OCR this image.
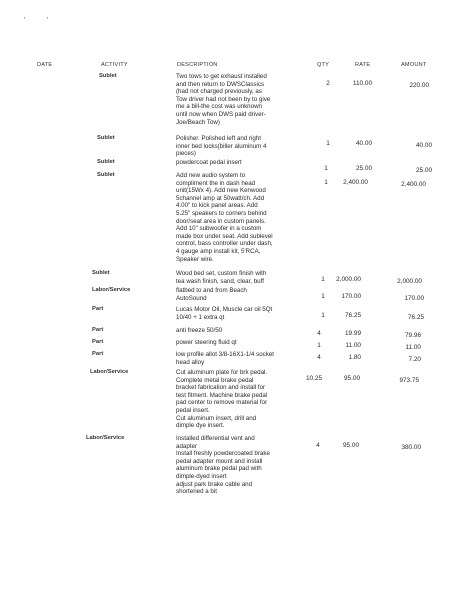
'	'
DATE	ACTIVITY	DESCRIPTION	QTY	RATE	AMOUNT
Sublet	Two tows to get exhaust installed
and then return to DWSClassics
(had not charged previously, as
Tow driver had not been by to give
me a bill-the cost was unknown
until now when DWS paid driver-
Joe/Beach Tow)
2	110.00	220.00
Sublet	Polisher. Polished left and right
inner bed locks(biller aluminum 4
pieces)
1	40.00	40.00
Sublet	powdercoat pedal insert
1	25.00	25.00
Sublet	Add new audio system to
compliment the in dash head
unit(15Wx 4). Add new Kenwood
5channel amp at 50watt/ch. Add
4.00" to kick panel areas. Add
5.25" speakers to corners behind
door/seat area in custom panels.
Add 10" subwoofer in a custom
made box under seat. Add sublevel
control, bass controller under dash,
4 gauge amp install kit, 5'RCA,
Speaker wire.
1	2,400.00	2,400.00
Sublet	Wood bed set, custom finish with
tea wash finish, sand, clear, buff	1	2,000.00	2,000.00
Labor/Service	flatbed to and from Beach
AutoSound	1	170.00	170.00
Part	Lucas Motor Oil, Muscle car oil 5Qt
10/40 + 1 extra qt	1	76.25	76.25
Part	anti freeze 50/50	4	19.99	79.96
Part	power steering fluid qt	1	11.00	11.00
Part	low profile allot 3/8-16X1-1/4 socket
head alloy
4	1.80	7.20
Labor/Service	Cut aluminum plate for brk pedal.
Complete metal brake pedal
bracket fabrication and install for
test fitment. Machine brake pedal
pad center to remove material for
pedal insert.
Cut aluminum insert, drill and
dimple dye insert.
10.25	95.00	973.75
Labor/Service	Installed differential vent and
adapter
Install freshly powdercoated brake
pedal adapter mount and install
aluminum brake pedal pad with
dimple-dyed insert
adjust park brake cable and
shortened a bit
4	95.00	380.00
